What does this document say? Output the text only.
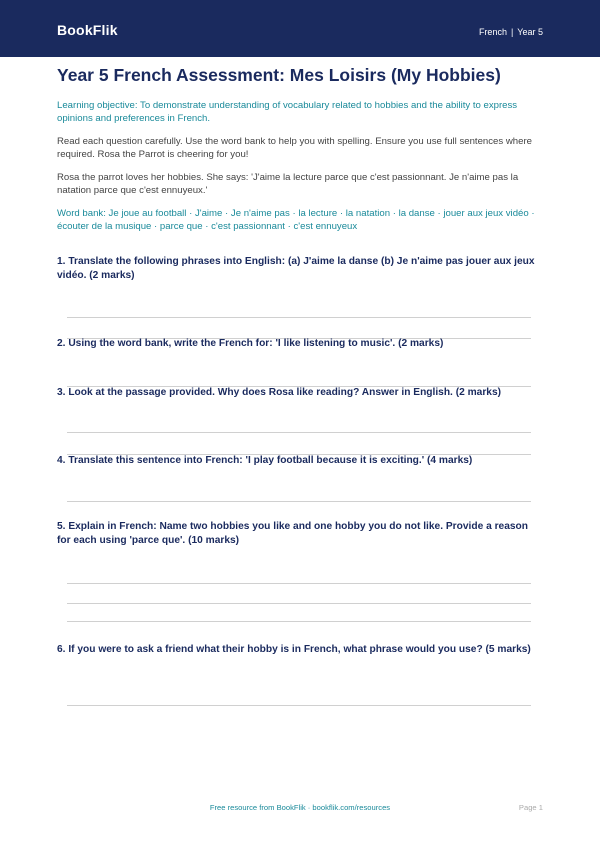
BookFlik	French | Year 5
Year 5 French Assessment: Mes Loisirs (My Hobbies)
Learning objective: To demonstrate understanding of vocabulary related to hobbies and the ability to express opinions and preferences in French.
Read each question carefully. Use the word bank to help you with spelling. Ensure you use full sentences where required. Rosa the Parrot is cheering for you!
Rosa the parrot loves her hobbies. She says: 'J'aime la lecture parce que c'est passionnant. Je n'aime pas la natation parce que c'est ennuyeux.'
Word bank: Je joue au football · J'aime · Je n'aime pas · la lecture · la natation · la danse · jouer aux jeux vidéo · écouter de la musique · parce que · c'est passionnant · c'est ennuyeux
1. Translate the following phrases into English: (a) J'aime la danse (b) Je n'aime pas jouer aux jeux vidéo. (2 marks)
2. Using the word bank, write the French for: 'I like listening to music'. (2 marks)
3. Look at the passage provided. Why does Rosa like reading? Answer in English. (2 marks)
4. Translate this sentence into French: 'I play football because it is exciting.' (4 marks)
5. Explain in French: Name two hobbies you like and one hobby you do not like. Provide a reason for each using 'parce que'. (10 marks)
6. If you were to ask a friend what their hobby is in French, what phrase would you use? (5 marks)
Free resource from BookFlik · bookflik.com/resources	Page 1
